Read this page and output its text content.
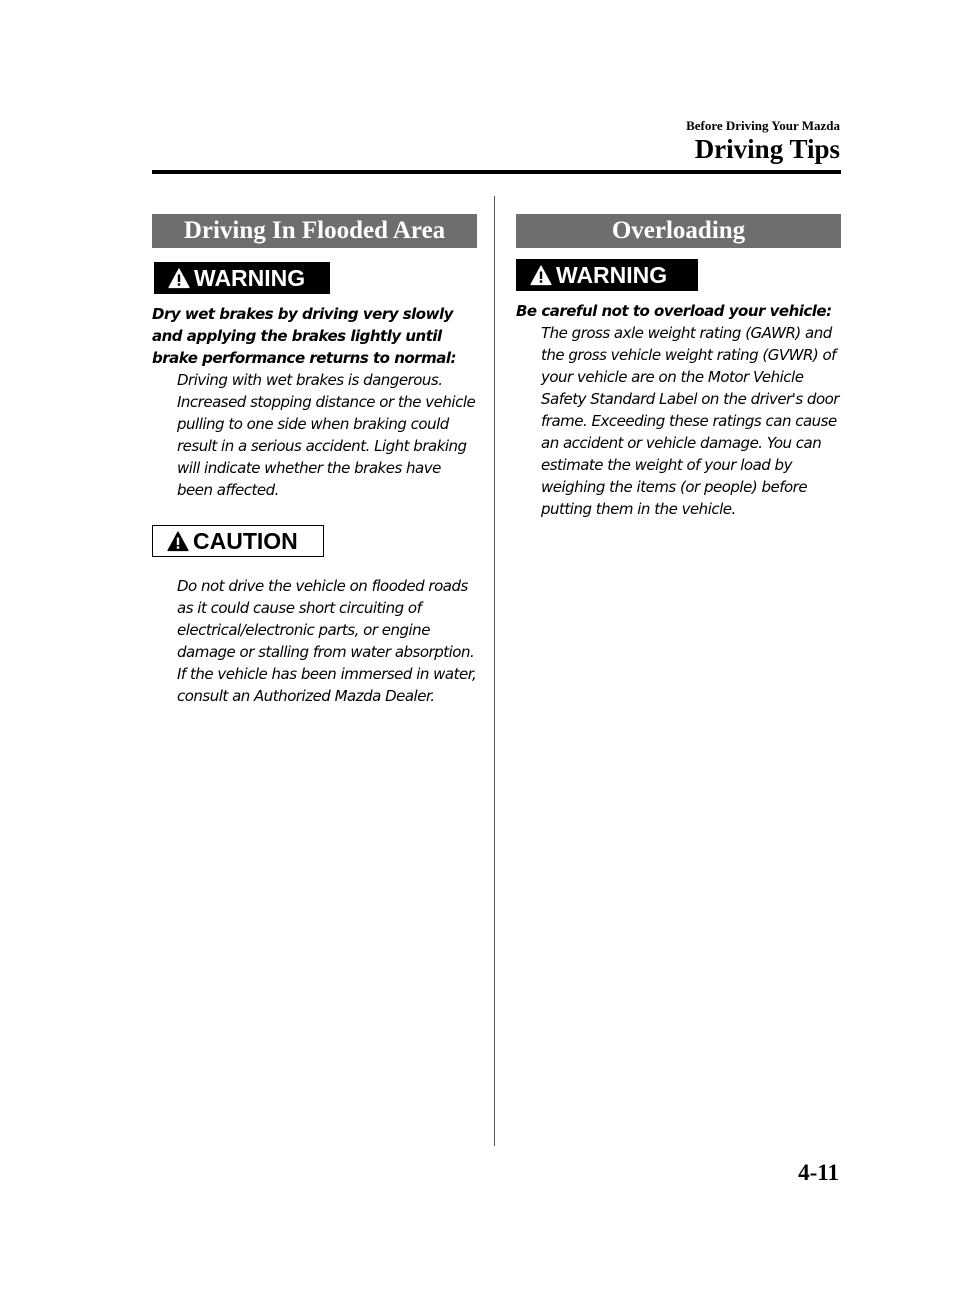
Before Driving Your Mazda
Driving Tips
Driving In Flooded Area
WARNING

Dry wet brakes by driving very slowly and applying the brakes lightly until brake performance returns to normal:

Driving with wet brakes is dangerous. Increased stopping distance or the vehicle pulling to one side when braking could result in a serious accident. Light braking will indicate whether the brakes have been affected.

CAUTION

Do not drive the vehicle on flooded roads as it could cause short circuiting of electrical/electronic parts, or engine damage or stalling from water absorption. If the vehicle has been immersed in water, consult an Authorized Mazda Dealer.

Overloading
WARNING

Be careful not to overload your vehicle:

The gross axle weight rating (GAWR) and the gross vehicle weight rating (GVWR) of your vehicle are on the Motor Vehicle Safety Standard Label on the driver's door frame. Exceeding these ratings can cause an accident or vehicle damage. You can estimate the weight of your load by weighing the items (or people) before putting them in the vehicle.

4-11
